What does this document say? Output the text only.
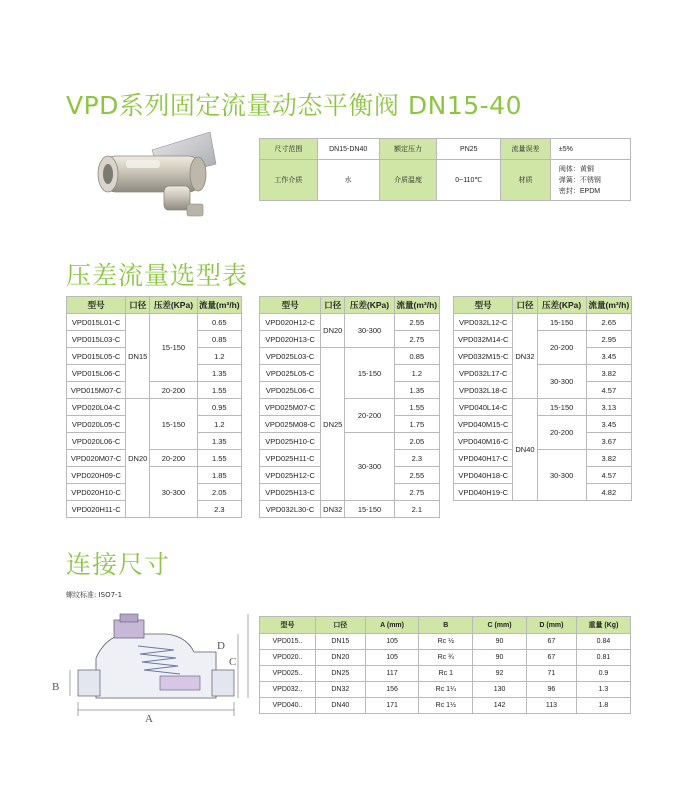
VPD系列固定流量动态平衡阀 DN15-40
尺寸范围	DN15-DN40	额定压力	PN25	流量误差	±5%
工作介质	水	介质温度	0~110℃	材质	阀体：黄铜
弹簧：不锈钢
密封：EPDM
压差流量选型表
型号	口径	压差(KPa)	流量(m³/h)
VPD015L01-C	DN15	15-150	0.65
VPD015L03-C			0.85
VPD015L05-C			1.2
VPD015L06-C			1.35
VPD015M07-C		20-200	1.55
VPD020L04-C	DN20	15-150	0.95
VPD020L05-C			1.2
VPD020L06-C			1.35
VPD020M07-C		20-200	1.55
VPD020H09-C		30-300	1.85
VPD020H10-C			2.05
VPD020H11-C			2.3
型号	口径	压差(KPa)	流量(m³/h)
VPD020H12-C	DN20	30-300	2.55
VPD020H13-C			2.75
VPD025L03-C	DN25	15-150	0.85
VPD025L05-C			1.2
VPD025L06-C			1.35
VPD025M07-C		20-200	1.55
VPD025M08-C			1.75
VPD025H10-C		30-300	2.05
VPD025H11-C			2.3
VPD025H12-C			2.55
VPD025H13-C			2.75
VPD032L30-C	DN32	15-150	2.1
型号	口径	压差(KPa)	流量(m³/h)
VPD032L12-C	DN32	15-150	2.65
VPD032M14-C		20-200	2.95
VPD032M15-C			3.45
VPD032L17-C		30-300	3.82
VPD032L18-C			4.57
VPD040L14-C	DN40	15-150	3.13
VPD040M15-C		20-200	3.45
VPD040M16-C			3.67
VPD040H17-C		30-300	3.82
VPD040H18-C			4.57
VPD040H19-C			4.82
连接尺寸
螺纹标准: ISO7-1
D
C
B
A
型号	口径	A (mm)	B	C (mm)	D (mm)	重量 (Kg)
VPD015..	DN15	105	Rc ½	90	67	0.84
VPD020..	DN20	105	Rc ¾	90	67	0.81
VPD025..	DN25	117	Rc 1	92	71	0.9
VPD032..	DN32	156	Rc 1¼	130	96	1.3
VPD040..	DN40	171	Rc 1½	142	113	1.8
